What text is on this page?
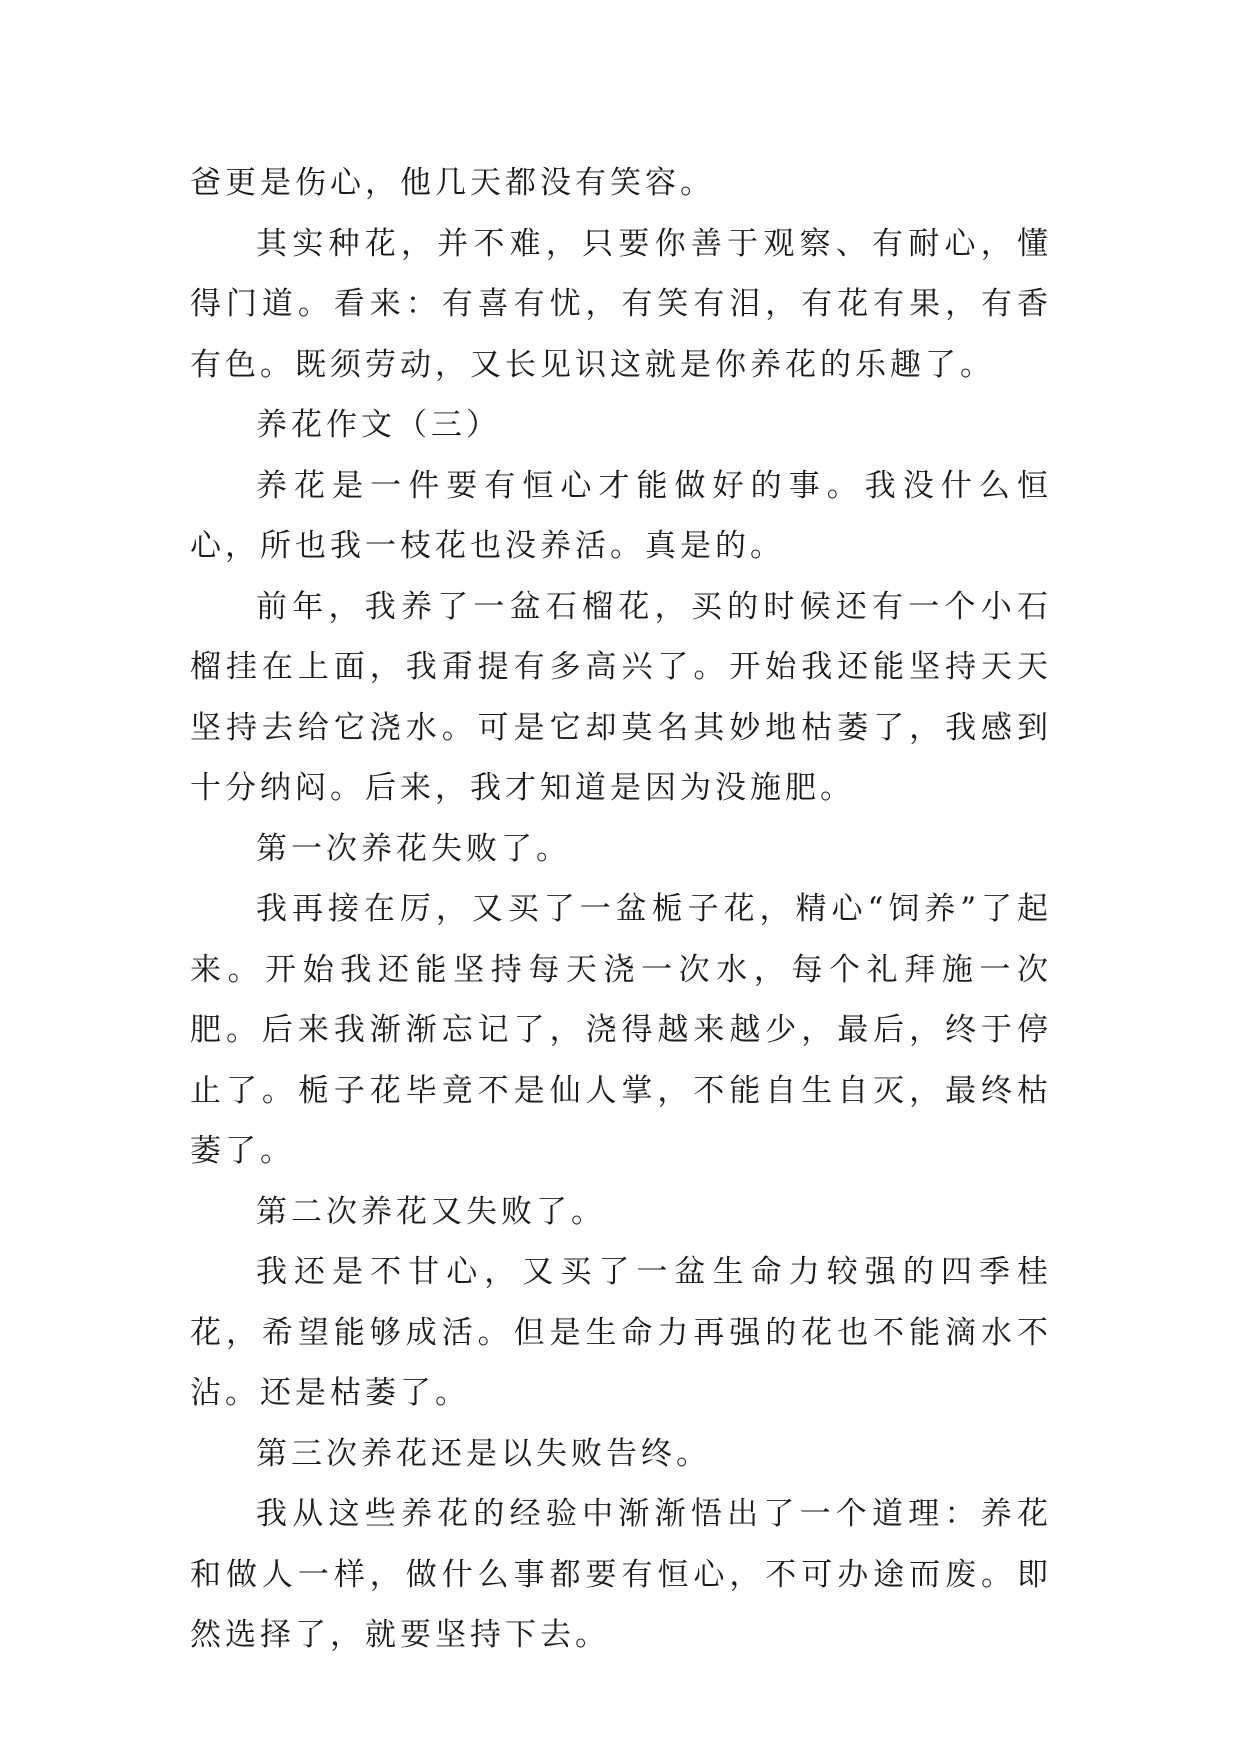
爸更是伤心，他几天都没有笑容。

其实种花，并不难，只要你善于观察、有耐心，懂得门道。看来：有喜有忧，有笑有泪，有花有果，有香有色。既须劳动，又长见识这就是你养花的乐趣了。

养花作文（三）

养花是一件要有恒心才能做好的事。我没什么恒心，所也我一枝花也没养活。真是的。

前年，我养了一盆石榴花，买的时候还有一个小石榴挂在上面，我甭提有多高兴了。开始我还能坚持天天坚持去给它浇水。可是它却莫名其妙地枯萎了，我感到十分纳闷。后来，我才知道是因为没施肥。

第一次养花失败了。

我再接在厉，又买了一盆栀子花，精心“饲养”了起来。开始我还能坚持每天浇一次水，每个礼拜施一次肥。后来我渐渐忘记了，浇得越来越少，最后，终于停止了。栀子花毕竟不是仙人掌，不能自生自灭，最终枯萎了。

第二次养花又失败了。

我还是不甘心，又买了一盆生命力较强的四季桂花，希望能够成活。但是生命力再强的花也不能滴水不沾。还是枯萎了。

第三次养花还是以失败告终。

我从这些养花的经验中渐渐悟出了一个道理：养花和做人一样，做什么事都要有恒心，不可办途而废。即然选择了，就要坚持下去。
